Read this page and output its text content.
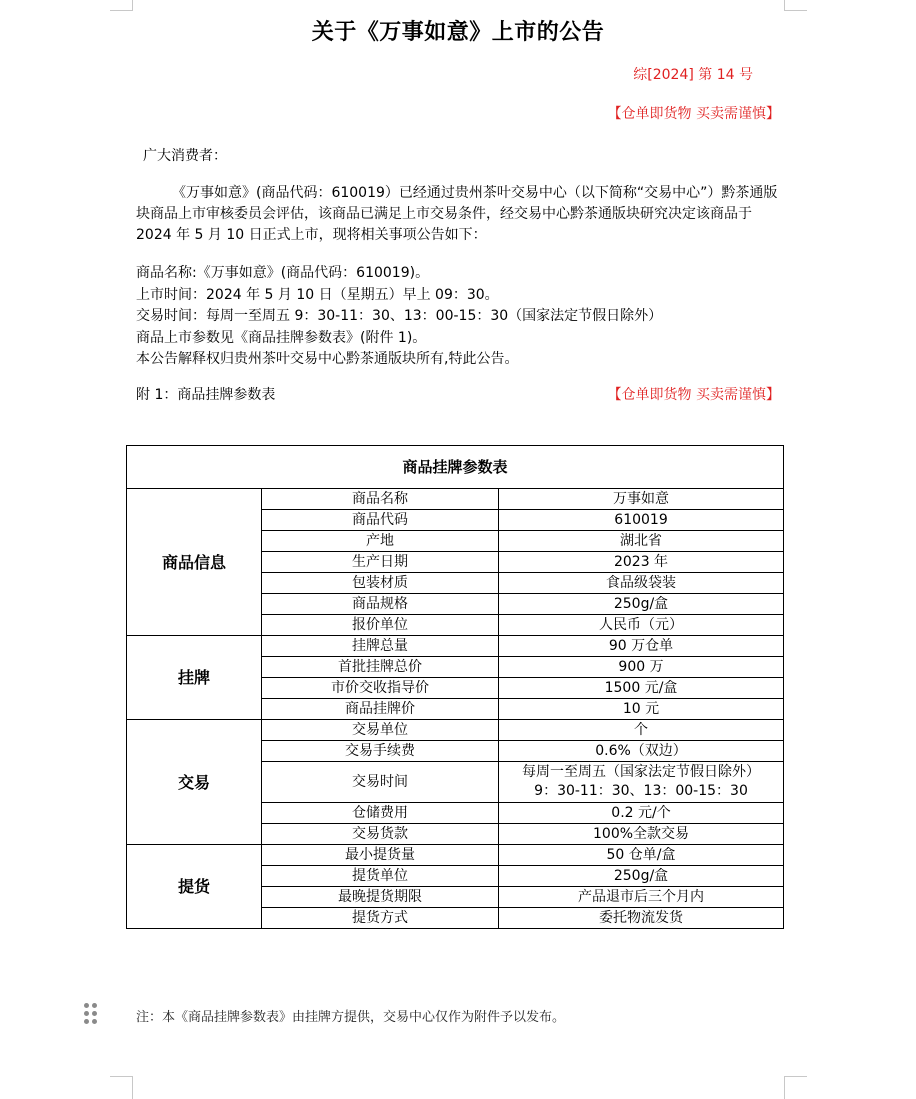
关于《万事如意》上市的公告
综[2024] 第 14 号
【仓单即货物 买卖需谨慎】
广大消费者：
《万事如意》(商品代码：610019）已经通过贵州茶叶交易中心（以下简称“交易中心”）黔茶通版块商品上市审核委员会评估，该商品已满足上市交易条件，经交易中心黔茶通版块研究决定该商品于 2024 年 5 月 10 日正式上市，现将相关事项公告如下：
商品名称:《万事如意》(商品代码：610019)。
上市时间：2024 年 5 月 10 日（星期五）早上 09：30。
交易时间：每周一至周五 9：30-11：30、13：00-15：30（国家法定节假日除外）
商品上市参数见《商品挂牌参数表》(附件 1)。
本公告解释权归贵州茶叶交易中心黔茶通版块所有,特此公告。
附 1：商品挂牌参数表	【仓单即货物 买卖需谨慎】
商品挂牌参数表		
商品信息	商品名称	万事如意
	商品代码	610019
	产地	湖北省
	生产日期	2023 年
	包装材质	食品级袋装
	商品规格	250g/盒
	报价单位	人民币（元）
挂牌	挂牌总量	90 万仓单
	首批挂牌总价	900 万
	市价交收指导价	1500 元/盒
	商品挂牌价	10 元
交易	交易单位	个
	交易手续费	0.6%（双边）
	交易时间	每周一至周五（国家法定节假日除外）
9：30-11：30、13：00-15：30

	仓储费用	0.2 元/个
	交易货款	100%全款交易
提货	最小提货量	50 仓单/盒
	提货单位	250g/盒
	最晚提货期限	产品退市后三个月内
	提货方式	委托物流发货
注：本《商品挂牌参数表》由挂牌方提供，交易中心仅作为附件予以发布。
